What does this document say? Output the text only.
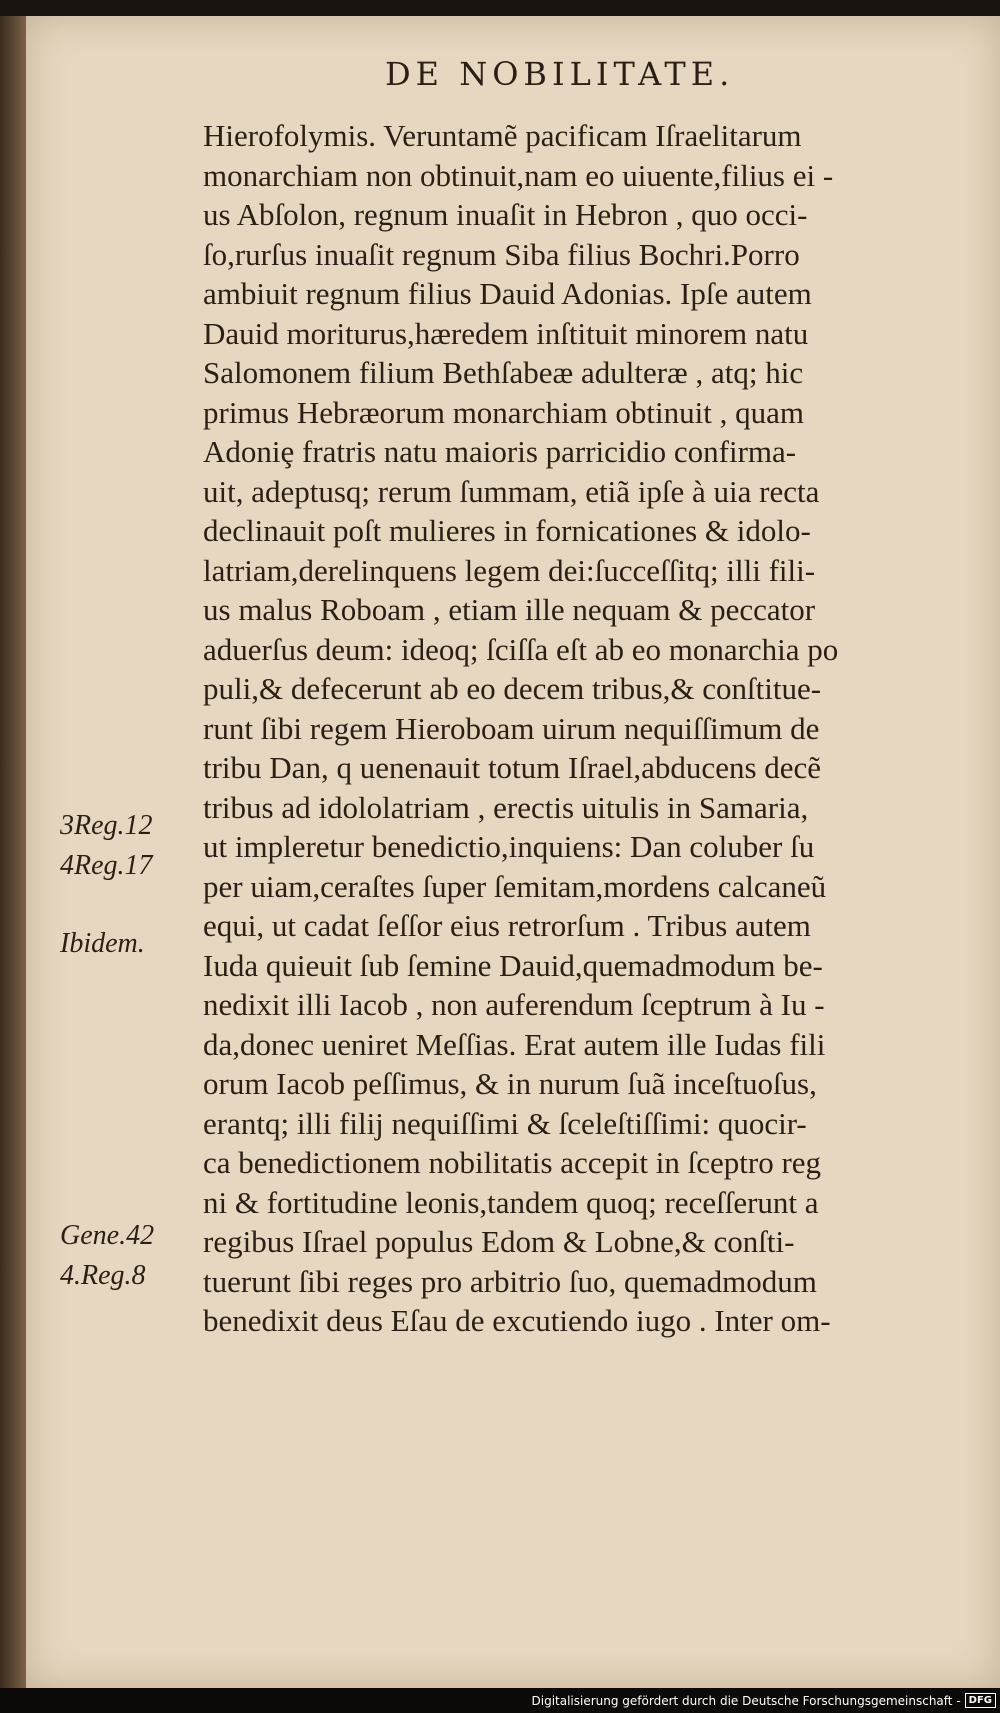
DE NOBILITATE.
Hierofolymis. Veruntamẽ pacificam Iſraelitarum
monarchiam non obtinuit,nam eo uiuente,filius ei -
us Abſolon, regnum inuaſit in Hebron , quo occi-
ſo,rurſus inuaſit regnum Siba filius Bochri.Porro
ambiuit regnum filius Dauid Adonias. Ipſe autem
Dauid moriturus,hæredem inſtituit minorem natu
Salomonem filium Bethſabeæ adulteræ , atq; hic
primus Hebræorum monarchiam obtinuit , quam
Adoniȩ fratris natu maioris parricidio confirma-
uit, adeptusq; rerum ſummam, etiã ipſe à uia recta
declinauit poſt mulieres in fornicationes & idolo-
latriam,derelinquens legem dei:ſucceſſitq; illi fili-
us malus Roboam , etiam ille nequam & peccator
aduerſus deum: ideoq; ſciſſa eſt ab eo monarchia po
puli,& defecerunt ab eo decem tribus,& conſtitue-
runt ſibi regem Hieroboam uirum nequiſſimum de
tribu Dan, q uenenauit totum Iſrael,abducens decẽ
tribus ad idololatriam , erectis uitulis in Samaria,
ut impleretur benedictio,inquiens: Dan coluber ſu
per uiam,ceraſtes ſuper ſemitam,mordens calcaneũ
equi, ut cadat ſeſſor eius retrorſum . Tribus autem
Iuda quieuit ſub ſemine Dauid,quemadmodum be-
nedixit illi Iacob , non auferendum ſceptrum à Iu -
da,donec ueniret Meſſias. Erat autem ille Iudas fili
orum Iacob peſſimus, & in nurum ſuã inceſtuoſus,
erantq; illi filij nequiſſimi & ſceleſtiſſimi: quocir-
ca benedictionem nobilitatis accepit in ſceptro reg
ni & fortitudine leonis,tandem quoq; receſſerunt a
regibus Iſrael populus Edom & Lobne,& conſti-
tuerunt ſibi reges pro arbitrio ſuo, quemadmodum
benedixit deus Eſau de excutiendo iugo . Inter om-
3Reg.12
4Reg.17
Ibidem.
Gene.42
4.Reg.8
Digitalisierung gefördert durch die Deutsche Forschungsgemeinschaft - DFG
